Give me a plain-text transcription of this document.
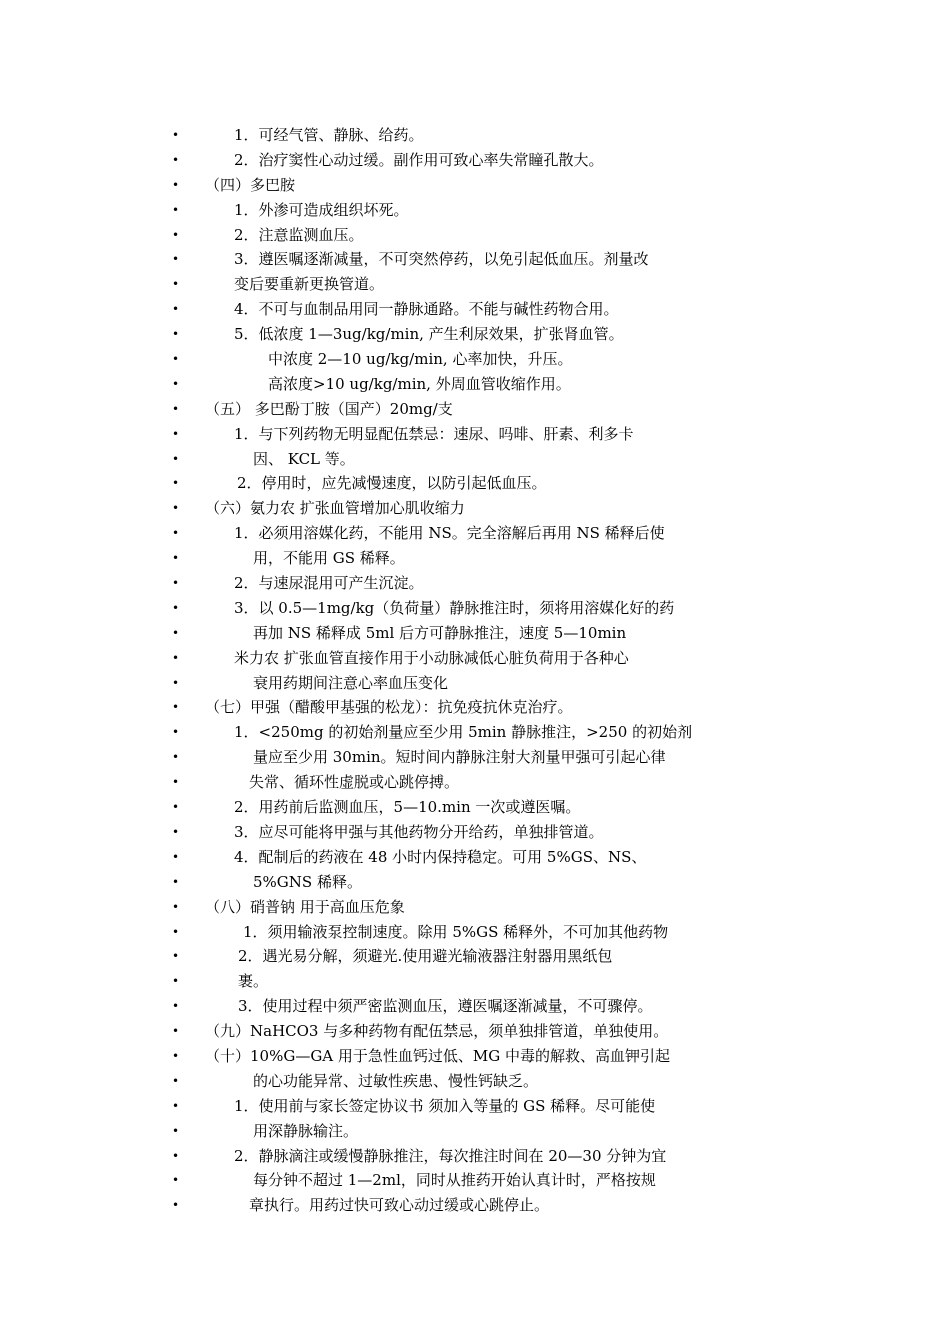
•	1．可经气管、静脉、给药。
•	2．治疗窦性心动过缓。副作用可致心率失常瞳孔散大。
• （四）多巴胺
•	1．外渗可造成组织坏死。
•	2．注意监测血压。
•	3．遵医嘱逐渐减量，不可突然停药，以免引起低血压。剂量改
•	变后要重新更换管道。
•	4．不可与血制品用同一静脉通路。不能与碱性药物合用。
•	5．低浓度 1—3ug/kg/min, 产生利尿效果，扩张肾血管。
•	中浓度 2—10 ug/kg/min, 心率加快，升压。
•	高浓度>10 ug/kg/min, 外周血管收缩作用。
• （五） 多巴酚丁胺（国产）20mg/支
•	1．与下列药物无明显配伍禁忌：速尿、吗啡、肝素、利多卡
•	因、 KCL 等。
•	2．停用时，应先减慢速度，以防引起低血压。
• （六）氨力农 扩张血管增加心肌收缩力
•	1．必须用溶媒化药，不能用 NS。完全溶解后再用 NS 稀释后使
•	用，不能用 GS 稀释。
•	2．与速尿混用可产生沉淀。
•	3．以 0.5—1mg/kg（负荷量）静脉推注时，须将用溶媒化好的药
•	再加 NS 稀释成 5ml 后方可静脉推注，速度 5—10min
•	米力农 扩张血管直接作用于小动脉减低心脏负荷用于各种心
•	衰用药期间注意心率血压变化
• （七）甲强（醋酸甲基强的松龙）：抗免疫抗休克治疗。
•	1．<250mg 的初始剂量应至少用 5min 静脉推注，>250 的初始剂
•	量应至少用 30min。短时间内静脉注射大剂量甲强可引起心律
•	失常、循环性虚脱或心跳停搏。
•	2．用药前后监测血压，5—10.min 一次或遵医嘱。
•	3．应尽可能将甲强与其他药物分开给药，单独排管道。
•	4．配制后的药液在 48 小时内保持稳定。可用 5%GS、NS、
•	5%GNS 稀释。
• （八）硝普钠 用于高血压危象
•	1．须用输液泵控制速度。除用 5%GS 稀释外，不可加其他药物
•	2．遇光易分解，须避光.使用避光输液器注射器用黑纸包
•	裹。
•	3．使用过程中须严密监测血压，遵医嘱逐渐减量，不可骤停。
• （九）NaHCO3 与多种药物有配伍禁忌，须单独排管道，单独使用。
• （十）10%G—GA 用于急性血钙过低、MG 中毒的解救、高血钾引起
•	的心功能异常、过敏性疾患、慢性钙缺乏。
•	1．使用前与家长签定协议书 须加入等量的 GS 稀释。尽可能使
•	用深静脉输注。
•	2．静脉滴注或缓慢静脉推注，每次推注时间在 20—30 分钟为宜
•	每分钟不超过 1—2ml，同时从推药开始认真计时，严格按规
•	章执行。用药过快可致心动过缓或心跳停止。
